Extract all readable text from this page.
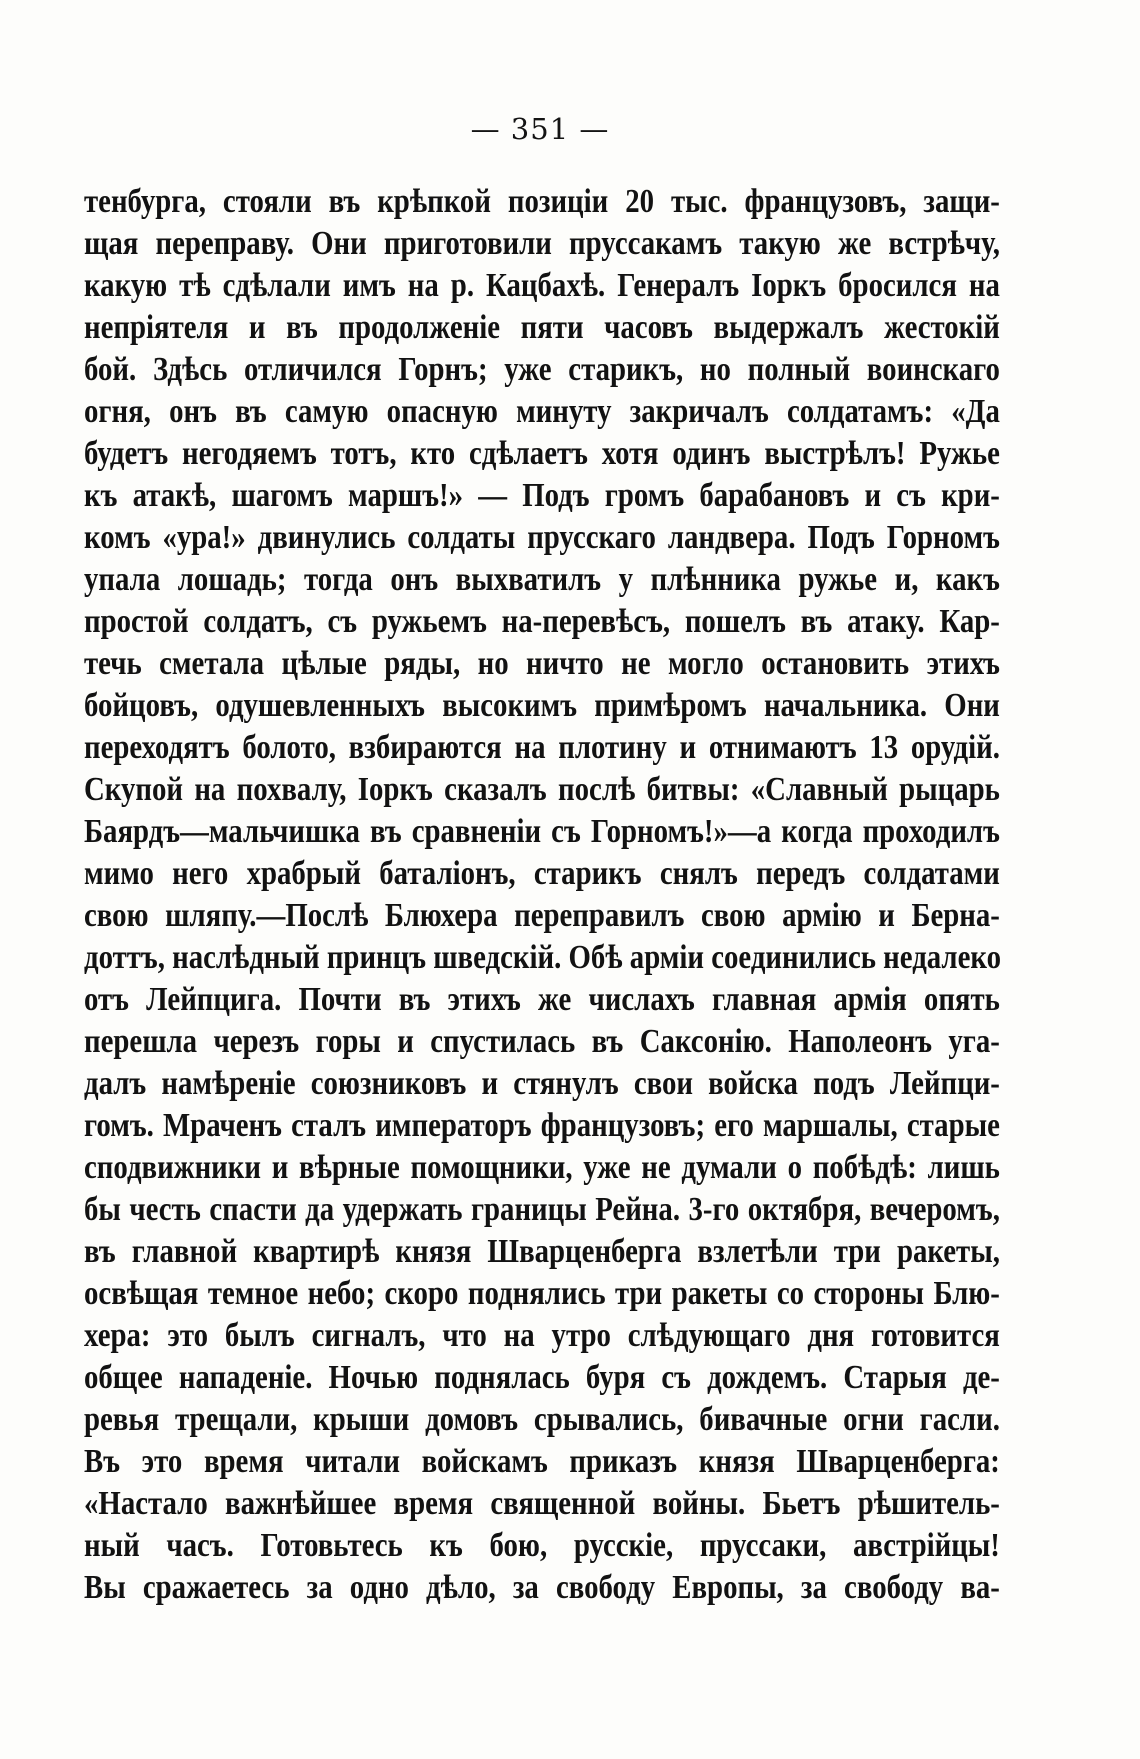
— 351 —
тенбурга, стояли въ крѣпкой позиціи 20 тыс. французовъ, защи-
щая переправу. Они приготовили пруссакамъ такую же встрѣчу,
какую тѣ сдѣлали имъ на р. Кацбахѣ. Генералъ Іоркъ бросился на
непріятеля и въ продолженіе пяти часовъ выдержалъ жестокій
бой. Здѣсь отличился Горнъ; уже старикъ, но полный воинскаго
огня, онъ въ самую опасную минуту закричалъ солдатамъ: «Да
будетъ негодяемъ тотъ, кто сдѣлаетъ хотя одинъ выстрѣлъ! Ружье
къ атакѣ, шагомъ маршъ!» — Подъ громъ барабановъ и съ кри-
комъ «ура!» двинулись солдаты прусскаго ландвера. Подъ Горномъ
упала лошадь; тогда онъ выхватилъ у плѣнника ружье и, какъ
простой солдатъ, съ ружьемъ на-перевѣсъ, пошелъ въ атаку. Кар-
течь сметала цѣлые ряды, но ничто не могло остановить этихъ
бойцовъ, одушевленныхъ высокимъ примѣромъ начальника. Они
переходятъ болото, взбираются на плотину и отнимаютъ 13 орудій.
Скупой на похвалу, Іоркъ сказалъ послѣ битвы: «Славный рыцарь
Баярдъ—мальчишка въ сравненіи съ Горномъ!»—а когда проходилъ
мимо него храбрый баталіонъ, старикъ снялъ передъ солдатами
свою шляпу.—Послѣ Блюхера переправилъ свою армію и Берна-
доттъ, наслѣдный принцъ шведскій. Обѣ арміи соединились недалеко
отъ Лейпцига. Почти въ этихъ же числахъ главная армія опять
перешла черезъ горы и спустилась въ Саксонію. Наполеонъ уга-
далъ намѣреніе союзниковъ и стянулъ свои войска подъ Лейпци-
гомъ. Мраченъ сталъ императоръ французовъ; его маршалы, старые
сподвижники и вѣрные помощники, уже не думали о побѣдѣ: лишь
бы честь спасти да удержать границы Рейна. 3-го октября, вечеромъ,
въ главной квартирѣ князя Шварценберга взлетѣли три ракеты,
освѣщая темное небо; скоро поднялись три ракеты со стороны Блю-
хера: это былъ сигналъ, что на утро слѣдующаго дня готовится
общее нападеніе. Ночью поднялась буря съ дождемъ. Старыя де-
ревья трещали, крыши домовъ срывались, бивачные огни гасли.
Въ это время читали войскамъ приказъ князя Шварценберга:
«Настало важнѣйшее время священной войны. Бьетъ рѣшитель-
ный часъ. Готовьтесь къ бою, русскіе, пруссаки, австрійцы!
Вы сражаетесь за одно дѣло, за свободу Европы, за свободу ва-
